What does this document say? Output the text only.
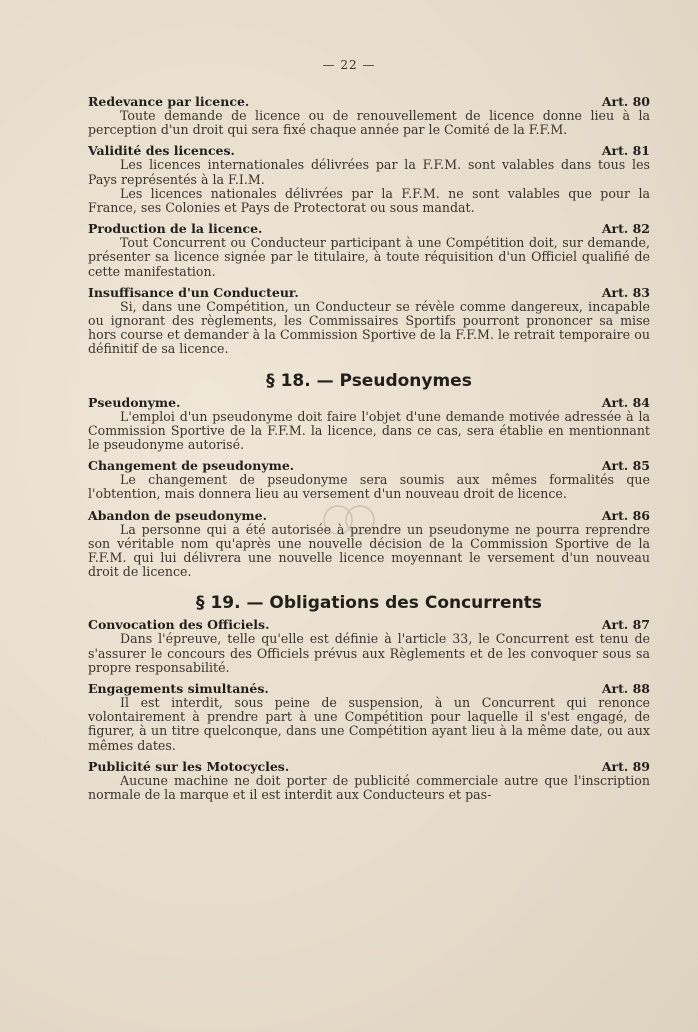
— 22 —
Redevance par licence.	Art. 80

Toute demande de licence ou de renouvellement de licence donne lieu à la perception d'un droit qui sera fixé chaque année par le Comité de la F.F.M.

Validité des licences.	Art. 81

Les licences internationales délivrées par la F.F.M. sont valables dans tous les Pays représentés à la F.I.M.

Les licences nationales délivrées par la F.F.M. ne sont valables que pour la France, ses Colonies et Pays de Protectorat ou sous mandat.

Production de la licence.	Art. 82

Tout Concurrent ou Conducteur participant à une Compétition doit, sur demande, présenter sa licence signée par le titulaire, à toute réquisition d'un Officiel qualifié de cette manifestation.

Insuffisance d'un Conducteur.	Art. 83

Si, dans une Compétition, un Conducteur se révèle comme dangereux, incapable ou ignorant des règlements, les Commissaires Sportifs pourront prononcer sa mise hors course et demander à la Commission Sportive de la F.F.M. le retrait temporaire ou définitif de sa licence.

§ 18. — Pseudonymes
Pseudonyme.	Art. 84

L'emploi d'un pseudonyme doit faire l'objet d'une demande motivée adressée à la Commission Sportive de la F.F.M. la licence, dans ce cas, sera établie en mentionnant le pseudonyme autorisé.

Changement de pseudonyme.	Art. 85

Le changement de pseudonyme sera soumis aux mêmes formalités que l'obtention, mais donnera lieu au versement d'un nouveau droit de licence.

Abandon de pseudonyme.	Art. 86

La personne qui a été autorisée à prendre un pseudonyme ne pourra reprendre son véritable nom qu'après une nouvelle décision de la Commission Sportive de la F.F.M. qui lui délivrera une nouvelle licence moyennant le versement d'un nouveau droit de licence.

§ 19. — Obligations des Concurrents
Convocation des Officiels.	Art. 87

Dans l'épreuve, telle qu'elle est définie à l'article 33, le Concurrent est tenu de s'assurer le concours des Officiels prévus aux Règlements et de les convoquer sous sa propre responsabilité.

Engagements simultanés.	Art. 88

Il est interdit, sous peine de suspension, à un Concurrent qui renonce volontairement à prendre part à une Compétition pour laquelle il s'est engagé, de figurer, à un titre quelconque, dans une Compétition ayant lieu à la même date, ou aux mêmes dates.

Publicité sur les Motocycles.	Art. 89

Aucune machine ne doit porter de publicité commerciale autre que l'inscription normale de la marque et il est interdit aux Conducteurs et pas-
